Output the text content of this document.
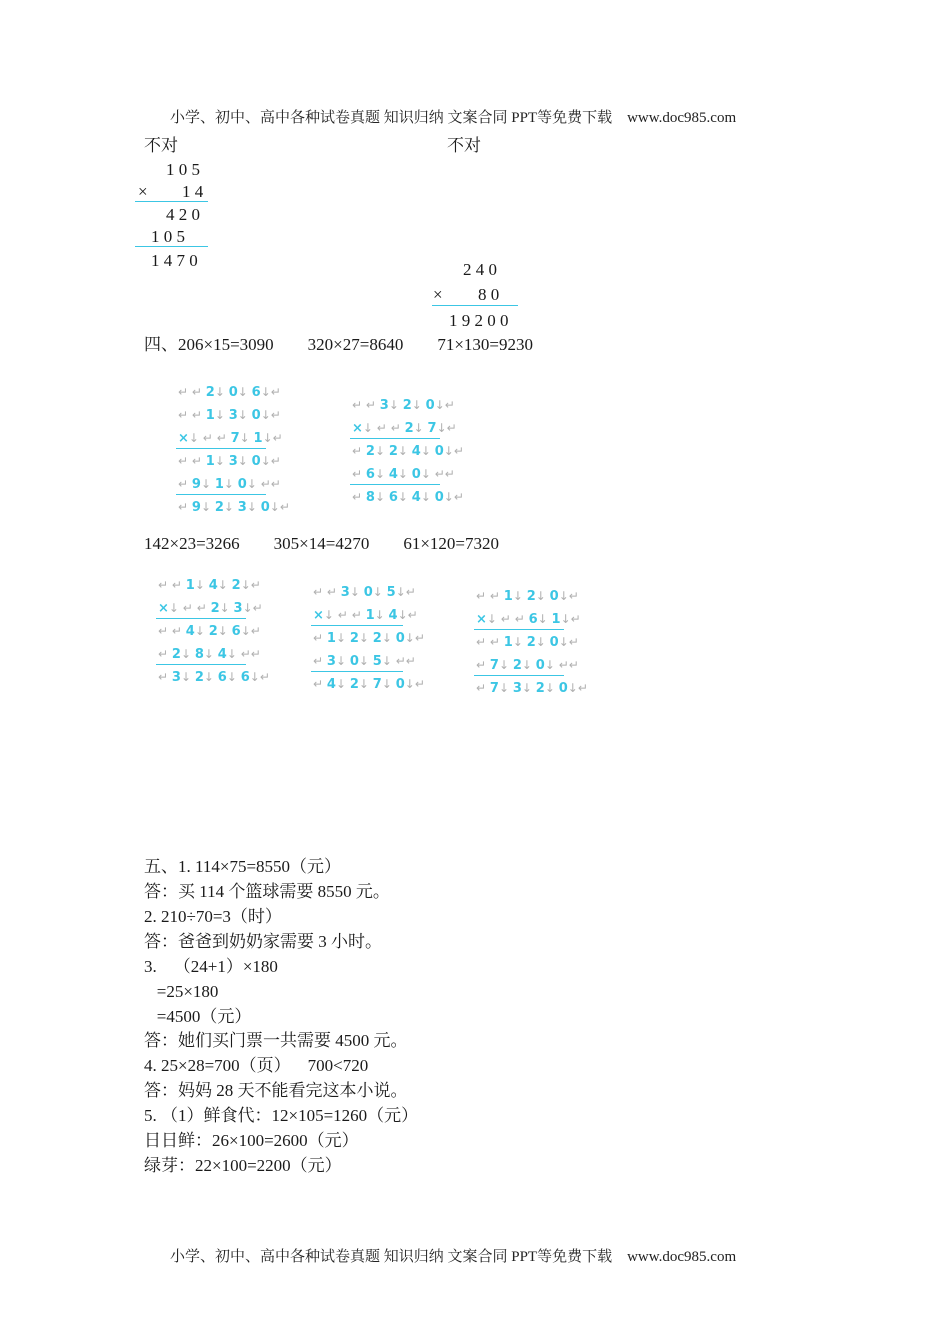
小学、初中、高中各种试卷真题 知识归纳 文案合同 PPT等免费下载    www.doc985.com
不对
1 0 5
× 1 4
4 2 0
1 0 5
1 4 7 0
不对
2 4 0
× 8 0
1 9 2 0 0
四、206×15=3090        320×27=8640        71×130=9230
↵ ↵ 2↓ 0↓ 6↓↵
↵ ↵ 1↓ 3↓ 0↓↵
×↓ ↵ ↵ 7↓ 1↓↵
↵ ↵ 1↓ 3↓ 0↓↵
↵ 9↓ 1↓ 0↓ ↵↵
↵ 9↓ 2↓ 3↓ 0↓↵
↵ ↵ 3↓ 2↓ 0↓↵
×↓ ↵ ↵ 2↓ 7↓↵
↵ 2↓ 2↓ 4↓ 0↓↵
↵ 6↓ 4↓ 0↓ ↵↵
↵ 8↓ 6↓ 4↓ 0↓↵
142×23=3266        305×14=4270        61×120=7320
↵ ↵ 1↓ 4↓ 2↓↵
×↓ ↵ ↵ 2↓ 3↓↵
↵ ↵ 4↓ 2↓ 6↓↵
↵ 2↓ 8↓ 4↓ ↵↵
↵ 3↓ 2↓ 6↓ 6↓↵
↵ ↵ 3↓ 0↓ 5↓↵
×↓ ↵ ↵ 1↓ 4↓↵
↵ 1↓ 2↓ 2↓ 0↓↵
↵ 3↓ 0↓ 5↓ ↵↵
↵ 4↓ 2↓ 7↓ 0↓↵
↵ ↵ 1↓ 2↓ 0↓↵
×↓ ↵ ↵ 6↓ 1↓↵
↵ ↵ 1↓ 2↓ 0↓↵
↵ 7↓ 2↓ 0↓ ↵↵
↵ 7↓ 3↓ 2↓ 0↓↵
五、1. 114×75=8550（元）
答：买 114 个篮球需要 8550 元。
2. 210÷70=3（时）
答：爸爸到奶奶家需要 3 小时。
3.    （24+1）×180
=25×180
=4500（元）
答：她们买门票一共需要 4500 元。
4. 25×28=700（页）    700<720
答：妈妈 28 天不能看完这本小说。
5. （1）鲜食代：12×105=1260（元）
日日鲜：26×100=2600（元）
绿芽：22×100=2200（元）
小学、初中、高中各种试卷真题 知识归纳 文案合同 PPT等免费下载    www.doc985.com
